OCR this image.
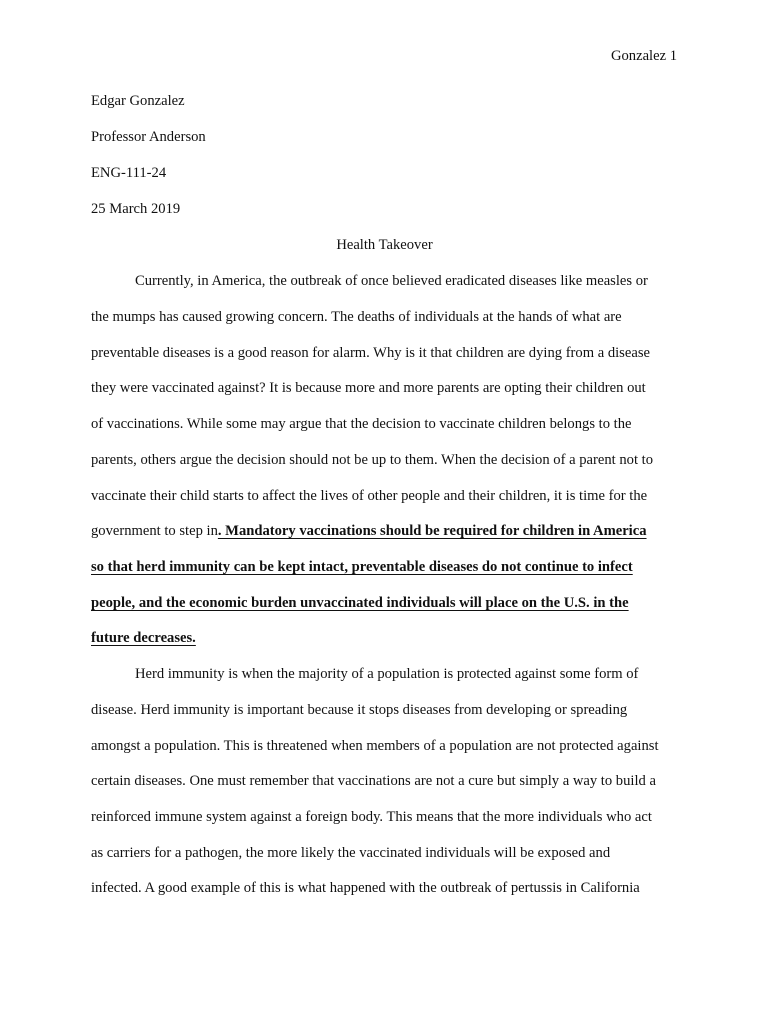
Gonzalez 1
Edgar Gonzalez
Professor Anderson
ENG-111-24
25 March 2019
Health Takeover
Currently, in America, the outbreak of once believed eradicated diseases like measles or
the mumps has caused growing concern. The deaths of individuals at the hands of what are
preventable diseases is a good reason for alarm. Why is it that children are dying from a disease
they were vaccinated against? It is because more and more parents are opting their children out
of vaccinations. While some may argue that the decision to vaccinate children belongs to the
parents, others argue the decision should not be up to them. When the decision of a parent not to
vaccinate their child starts to affect the lives of other people and their children, it is time for the
government to step in. Mandatory vaccinations should be required for children in America
so that herd immunity can be kept intact, preventable diseases do not continue to infect
people, and the economic burden unvaccinated individuals will place on the U.S. in the
future decreases.
Herd immunity is when the majority of a population is protected against some form of
disease. Herd immunity is important because it stops diseases from developing or spreading
amongst a population. This is threatened when members of a population are not protected against
certain diseases. One must remember that vaccinations are not a cure but simply a way to build a
reinforced immune system against a foreign body. This means that the more individuals who act
as carriers for a pathogen, the more likely the vaccinated individuals will be exposed and
infected. A good example of this is what happened with the outbreak of pertussis in California
